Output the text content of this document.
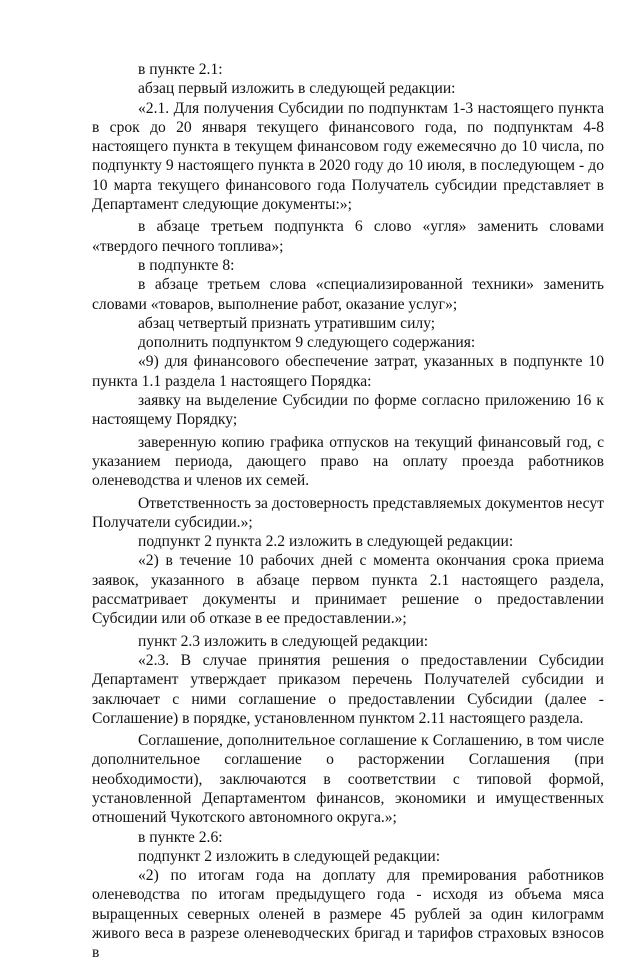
в пункте 2.1:

абзац первый изложить в следующей редакции:

«2.1. Для получения Субсидии по подпунктам 1-3 настоящего пункта в срок до 20 января текущего финансового года, по подпунктам 4-8 настоящего пункта в текущем финансовом году ежемесячно до 10 числа, по подпункту 9 настоящего пункта в 2020 году до 10 июля, в последующем - до 10 марта текущего финансового года Получатель субсидии представляет в Департамент следующие документы:»;

в абзаце третьем подпункта 6 слово «угля» заменить словами «твердого печного топлива»;

в подпункте 8:

в абзаце третьем слова «специализированной техники» заменить словами «товаров, выполнение работ, оказание услуг»;

абзац четвертый признать утратившим силу;

дополнить подпунктом 9 следующего содержания:

«9) для финансового обеспечение затрат, указанных в подпункте 10 пункта 1.1 раздела 1 настоящего Порядка:

заявку на выделение Субсидии по форме согласно приложению 16 к настоящему Порядку;

заверенную копию графика отпусков на текущий финансовый год, с указанием периода, дающего право на оплату проезда работников оленеводства и членов их семей.

Ответственность за достоверность представляемых документов несут Получатели субсидии.»;

подпункт 2 пункта 2.2 изложить в следующей редакции:

«2) в течение 10 рабочих дней с момента окончания срока приема заявок, указанного в абзаце первом пункта 2.1 настоящего раздела, рассматривает документы и принимает решение о предоставлении Субсидии или об отказе в ее предоставлении.»;

пункт 2.3 изложить в следующей редакции:

«2.3. В случае принятия решения о предоставлении Субсидии Департамент утверждает приказом перечень Получателей субсидии и заключает с ними соглашение о предоставлении Субсидии (далее - Соглашение) в порядке, установленном пунктом 2.11 настоящего раздела.

Соглашение, дополнительное соглашение к Соглашению, в том числе дополнительное соглашение о расторжении Соглашения (при необходимости), заключаются в соответствии с типовой формой, установленной Департаментом финансов, экономики и имущественных отношений Чукотского автономного округа.»;

в пункте 2.6:

подпункт 2 изложить в следующей редакции:

«2) по итогам года на доплату для премирования работников оленеводства по итогам предыдущего года - исходя из объема мяса выращенных северных оленей в размере 45 рублей за один килограмм живого веса в разрезе оленеводческих бригад и тарифов страховых взносов в
